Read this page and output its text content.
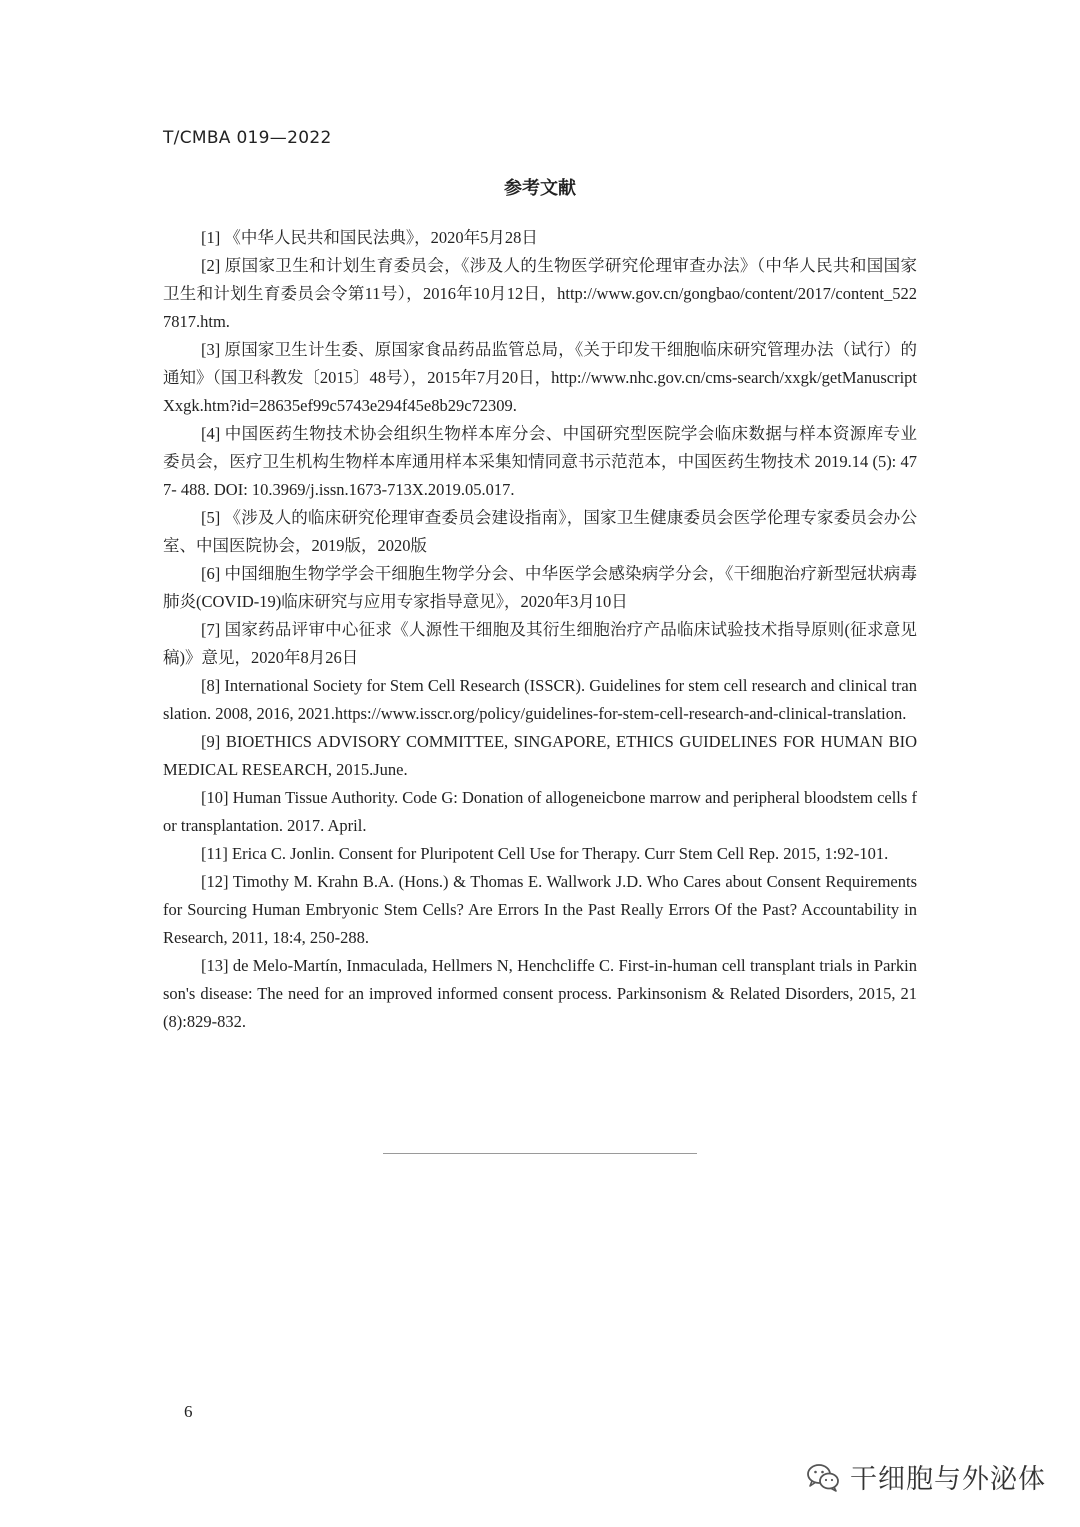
T/CMBA 019—2022
参考文献

[1] 《中华人民共和国民法典》，2020年5月28日

[2] 原国家卫生和计划生育委员会，《涉及人的生物医学研究伦理审查办法》（中华人民共和国国家卫生和计划生育委员会令第11号），2016年10月12日，http://www.gov.cn/gongbao/content/2017/content_5227817.htm.

[3] 原国家卫生计生委、原国家食品药品监管总局，《关于印发干细胞临床研究管理办法（试行）的通知》（国卫科教发〔2015〕48号），2015年7月20日，http://www.nhc.gov.cn/cms-search/xxgk/getManuscriptXxgk.htm?id=28635ef99c5743e294f45e8b29c72309.

[4] 中国医药生物技术协会组织生物样本库分会、中国研究型医院学会临床数据与样本资源库专业委员会，医疗卫生机构生物样本库通用样本采集知情同意书示范范本，中国医药生物技术 2019.14 (5): 477- 488. DOI: 10.3969/j.issn.1673-713X.2019.05.017.

[5] 《涉及人的临床研究伦理审查委员会建设指南》，国家卫生健康委员会医学伦理专家委员会办公室、中国医院协会，2019版，2020版

[6] 中国细胞生物学学会干细胞生物学分会、中华医学会感染病学分会，《干细胞治疗新型冠状病毒肺炎(COVID-19)临床研究与应用专家指导意见》，2020年3月10日

[7] 国家药品评审中心征求《人源性干细胞及其衍生细胞治疗产品临床试验技术指导原则(征求意见稿)》意见，2020年8月26日

[8] International Society for Stem Cell Research (ISSCR). Guidelines for stem cell research and clinical translation. 2008, 2016, 2021.https://www.isscr.org/policy/guidelines-for-stem-cell-research-and-clinical-translation.

[9] BIOETHICS ADVISORY COMMITTEE, SINGAPORE, ETHICS GUIDELINES FOR HUMAN BIOMEDICAL RESEARCH, 2015.June.

[10] Human Tissue Authority. Code G: Donation of allogeneicbone marrow and peripheral bloodstem cells for transplantation. 2017. April.

[11] Erica C. Jonlin. Consent for Pluripotent Cell Use for Therapy. Curr Stem Cell Rep. 2015, 1:92-101.

[12] Timothy M. Krahn B.A. (Hons.) & Thomas E. Wallwork J.D. Who Cares about Consent Requirements for Sourcing Human Embryonic Stem Cells? Are Errors In the Past Really Errors Of the Past? Accountability in Research, 2011, 18:4, 250-288.

[13] de Melo-Martín, Inmaculada, Hellmers N, Henchcliffe C. First-in-human cell transplant trials in Parkinson's disease: The need for an improved informed consent process. Parkinsonism & Related Disorders, 2015, 21(8):829-832.

6
干细胞与外泌体
